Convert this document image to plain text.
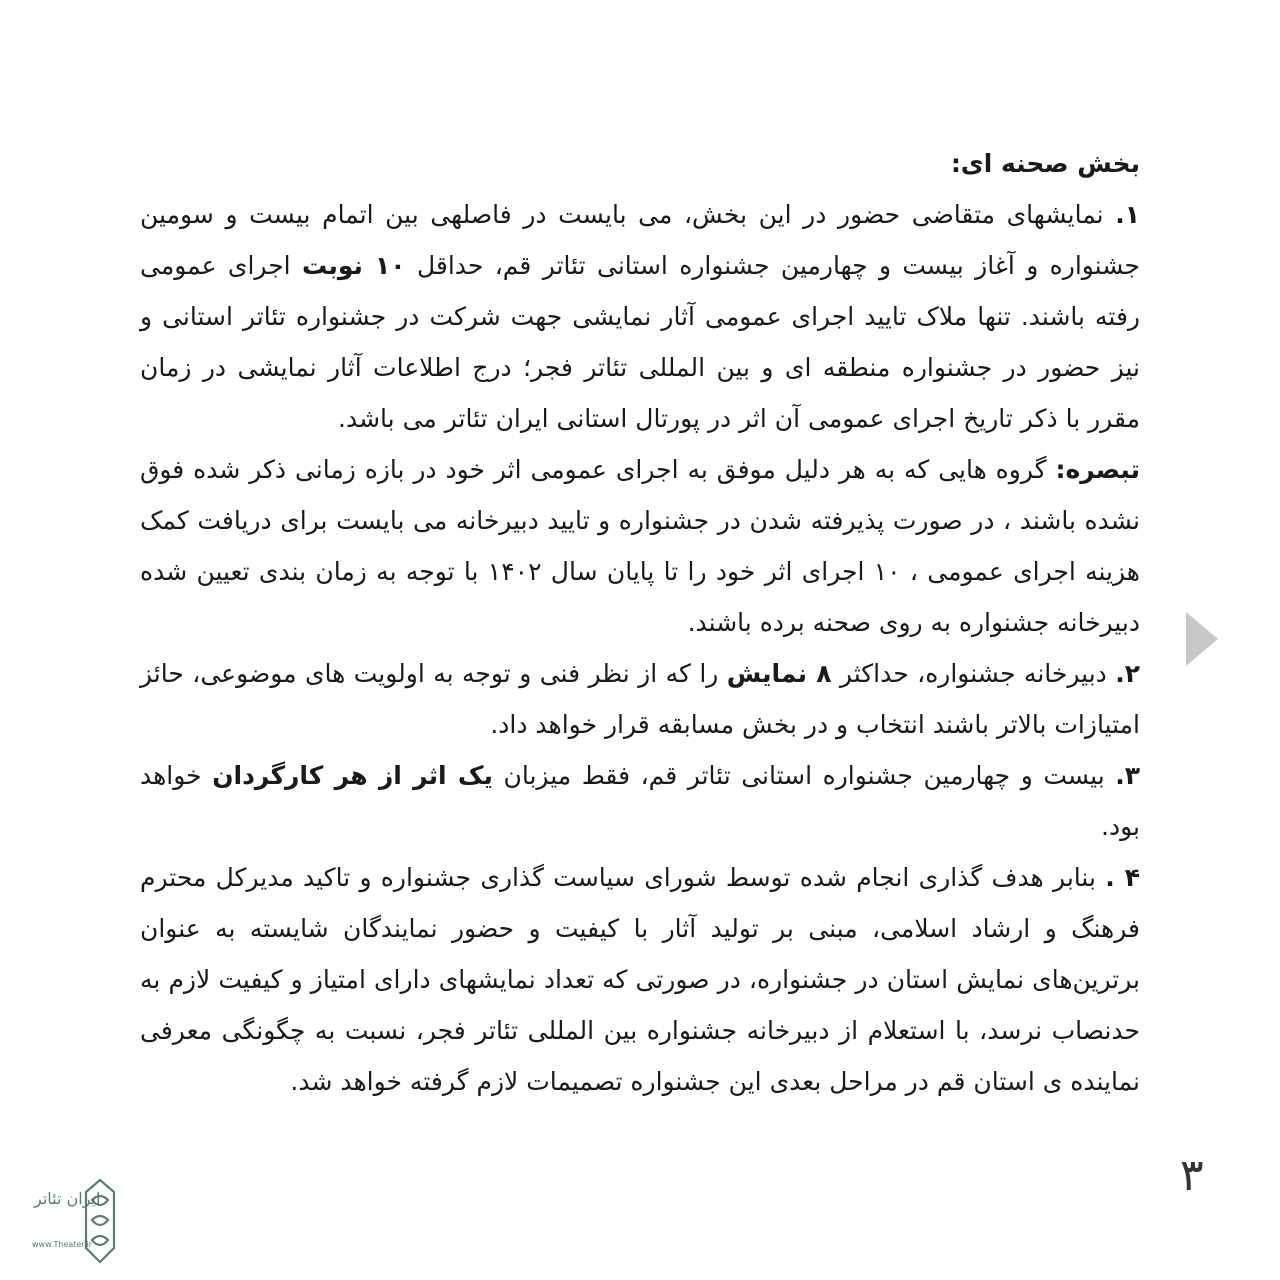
بخش صحنه ای:

۱. نمایشهای متقاضی حضور در این بخش، می بایست در فاصلهی بین اتمام بیست و سومین جشنواره و آغاز بیست و چهارمین جشنواره استانی تئاتر قم، حداقل ۱۰ نوبت اجرای عمومی رفته باشند. تنها ملاک تایید اجرای عمومی آثار نمایشی جهت شرکت در جشنواره تئاتر استانی و نیز حضور در جشنواره منطقه ای و بین المللی تئاتر فجر؛ درج اطلاعات آثار نمایشی در زمان مقرر با ذکر تاریخ اجرای عمومی آن اثر در پورتال استانی ایران تئاتر می باشد.

تبصره: گروه هایی که به هر دلیل موفق به اجرای عمومی اثر خود در بازه زمانی ذکر شده فوق نشده باشند ، در صورت پذیرفته شدن در جشنواره و تایید دبیرخانه می بایست برای دریافت کمک هزینه اجرای عمومی ، ۱۰ اجرای اثر خود را تا پایان سال ۱۴۰۲ با توجه به زمان بندی تعیین شده دبیرخانه جشنواره به روی صحنه برده باشند.

۲. دبیرخانه جشنواره، حداکثر ۸ نمایش را که از نظر فنی و توجه به اولویت های موضوعی، حائز امتیازات بالاتر باشند انتخاب و در بخش مسابقه قرار خواهد داد.

۳. بیست و چهارمین جشنواره استانی تئاتر قم، فقط میزبان یک اثر از هر کارگردان خواهد بود.

۴ . بنابر هدف گذاری انجام شده توسط شورای سیاست گذاری جشنواره و تاکید مدیرکل محترم فرهنگ و ارشاد اسلامی، مبنی بر تولید آثار با کیفیت و حضور نمایندگان شایسته به عنوان برترین‌های نمایش استان در جشنواره، در صورتی که تعداد نمایشهای دارای امتیاز و کیفیت لازم به حدنصاب نرسد، با استعلام از دبیرخانه جشنواره بین المللی تئاتر فجر، نسبت به چگونگی معرفی نماینده ی استان قم در مراحل بعدی این جشنواره تصمیمات لازم گرفته خواهد شد.

۳
ایران تئاتر
www.Theater.ir
